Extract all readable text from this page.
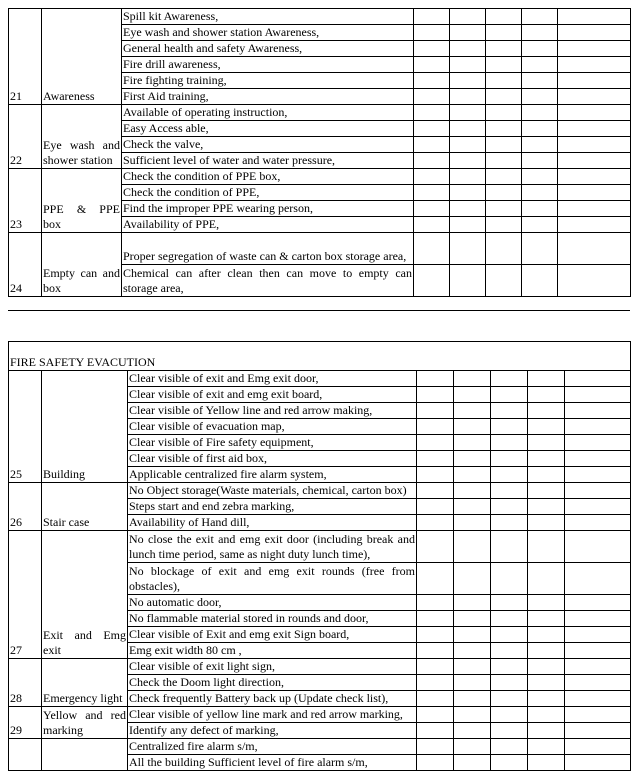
21	Awareness	Spill kit Awareness,					
		Eye wash and shower station Awareness,					
		General health and safety Awareness,					
		Fire drill awareness,					
		Fire fighting training,					
		First Aid training,					
22	Eye wash and shower station	Available of operating instruction,					
		Easy Access able,					
		Check the valve,					
		Sufficient level of water and water pressure,					
23	PPE & PPE box	Check the condition of PPE box,					
		Check the condition of PPE,					
		Find the improper PPE wearing person,					
		Availability of PPE,					
24	Empty can and box	Proper segregation of waste can & carton box storage area,					
		Chemical can after clean then can move to empty can storage area,					
FIRE SAFETY EVACUTION							
25	Building	Clear visible of exit and Emg exit door,					
		Clear visible of exit and emg exit board,					
		Clear visible of Yellow line and red arrow making,					
		Clear visible of evacuation map,					
		Clear visible of Fire safety equipment,					
		Clear visible of first aid box,					
		Applicable centralized fire alarm system,					
26	Stair case	No Object storage(Waste materials, chemical, carton box)					
		Steps start and end zebra marking,					
		Availability of Hand dill,					
27	Exit and Emg exit	No close the exit and emg exit door (including break and lunch time period, same as night duty lunch time),					
		No blockage of exit and emg exit rounds (free from obstacles),					
		No automatic door,					
		No flammable material stored in rounds and door,					
		Clear visible of Exit and emg exit Sign board,					
		Emg exit width 80 cm ,					
28	Emergency light	Clear visible of exit light sign,					
		Check the Doom light direction,					
		Check frequently Battery back up (Update check list),					
29	Yellow and red marking	Clear visible of yellow line mark and red arrow marking,					
		Identify any defect of marking,					
		Centralized fire alarm s/m,					
		All the building Sufficient level of fire alarm s/m,					
